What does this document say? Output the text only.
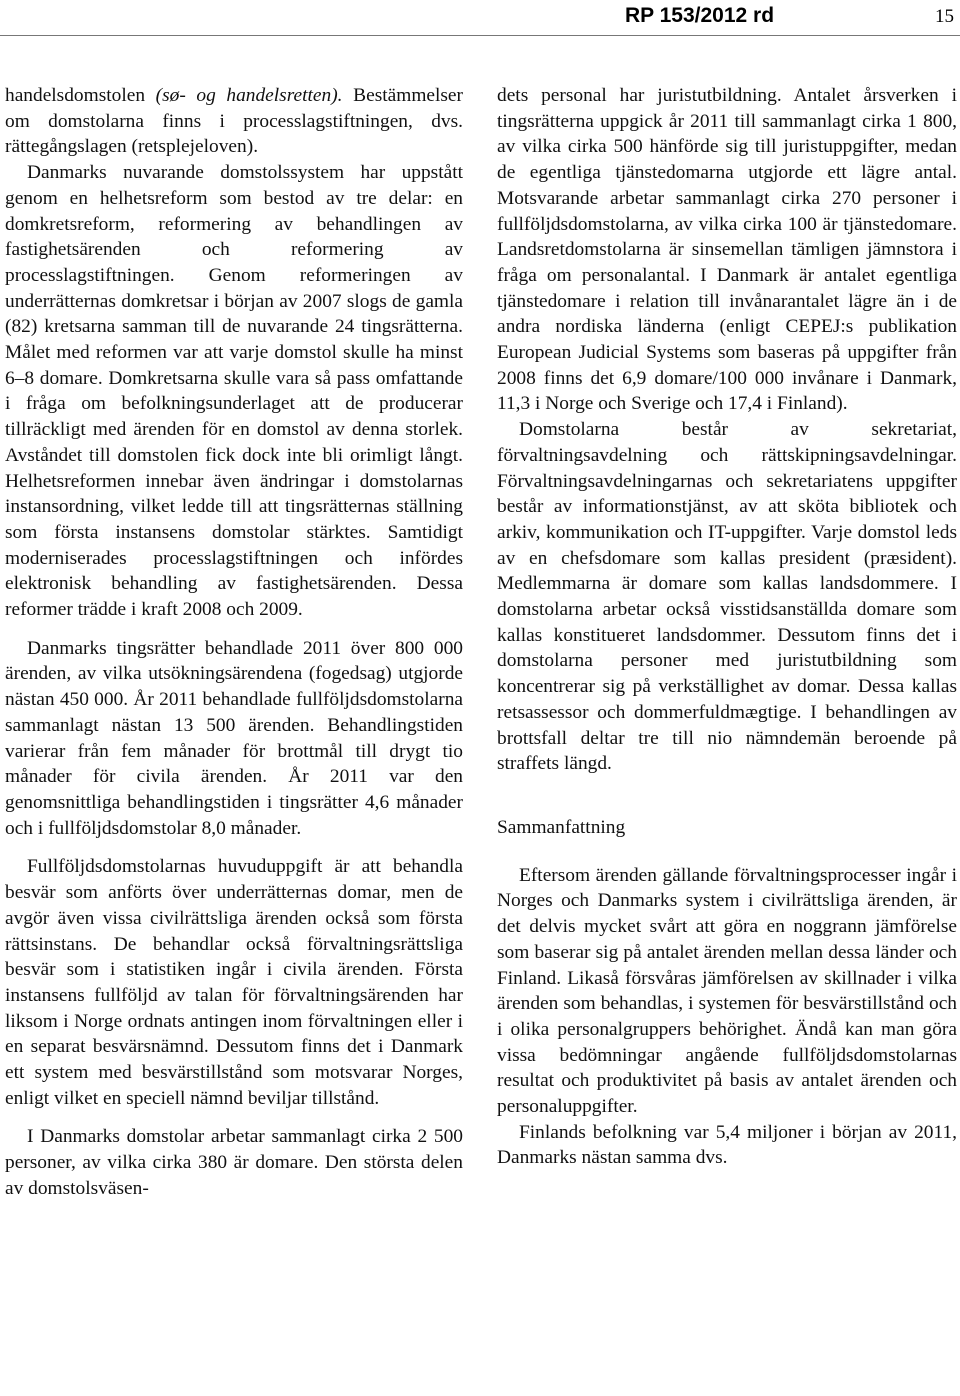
RP 153/2012 rd	15

handelsdomstolen (sø- og handelsretten). Bestämmelser om domstolarna finns i processlagstiftningen, dvs. rättegångslagen (retsplejeloven).

Danmarks nuvarande domstolssystem har uppstått genom en helhetsreform som bestod av tre delar: en domkretsreform, reformering av behandlingen av fastighetsärenden och reformering av processlagstiftningen. Genom reformeringen av underrätternas domkretsar i början av 2007 slogs de gamla (82) kretsarna samman till de nuvarande 24 tingsrätterna. Målet med reformen var att varje domstol skulle ha minst 6–8 domare. Domkretsarna skulle vara så pass omfattande i fråga om befolkningsunderlaget att de producerar tillräckligt med ärenden för en domstol av denna storlek. Avståndet till domstolen fick dock inte bli orimligt långt. Helhetsreformen innebar även ändringar i domstolarnas instansordning, vilket ledde till att tingsrätternas ställning som första instansens domstolar stärktes. Samtidigt moderniserades processlagstiftningen och infördes elektronisk behandling av fastighetsärenden. Dessa reformer trädde i kraft 2008 och 2009.

Danmarks tingsrätter behandlade 2011 över 800 000 ärenden, av vilka utsökningsärendena (fogedsag) utgjorde nästan 450 000. År 2011 behandlade fullföljdsdomstolarna sammanlagt nästan 13 500 ärenden. Behandlingstiden varierar från fem månader för brottmål till drygt tio månader för civila ärenden. År 2011 var den genomsnittliga behandlingstiden i tingsrätter 4,6 månader och i fullföljdsdomstolar 8,0 månader.

Fullföljdsdomstolarnas huvuduppgift är att behandla besvär som anförts över underrätternas domar, men de avgör även vissa civilrättsliga ärenden också som första rättsinstans. De behandlar också förvaltningsrättsliga besvär som i statistiken ingår i civila ärenden. Första instansens fullföljd av talan för förvaltningsärenden har liksom i Norge ordnats antingen inom förvaltningen eller i en separat besvärsnämnd. Dessutom finns det i Danmark ett system med besvärstillstånd som motsvarar Norges, enligt vilket en speciell nämnd beviljar tillstånd.

I Danmarks domstolar arbetar sammanlagt cirka 2 500 personer, av vilka cirka 380 är domare. Den största delen av domstolsväsen-

dets personal har juristutbildning. Antalet årsverken i tingsrätterna uppgick år 2011 till sammanlagt cirka 1 800, av vilka cirka 500 hänförde sig till juristuppgifter, medan de egentliga tjänstedomarna utgjorde ett lägre antal. Motsvarande arbetar sammanlagt cirka 270 personer i fullföljdsdomstolarna, av vilka cirka 100 är tjänstedomare. Landsretdomstolarna är sinsemellan tämligen jämnstora i fråga om personalantal. I Danmark är antalet egentliga tjänstedomare i relation till invånarantalet lägre än i de andra nordiska länderna (enligt CEPEJ:s publikation European Judicial Systems som baseras på uppgifter från 2008 finns det 6,9 domare/100 000 invånare i Danmark, 11,3 i Norge och Sverige och 17,4 i Finland).

Domstolarna består av sekretariat, förvaltningsavdelning och rättskipningsavdelningar. Förvaltningsavdelningarnas och sekretariatens uppgifter består av informationstjänst, av att sköta bibliotek och arkiv, kommunikation och IT-uppgifter. Varje domstol leds av en chefsdomare som kallas president (præsident). Medlemmarna är domare som kallas landsdommere. I domstolarna arbetar också visstidsanställda domare som kallas konstitueret landsdommer. Dessutom finns det i domstolarna personer med juristutbildning som koncentrerar sig på verkställighet av domar. Dessa kallas retsassessor och dommerfuldmægtige. I behandlingen av brottsfall deltar tre till nio nämndemän beroende på straffets längd.

Sammanfattning

Eftersom ärenden gällande förvaltningsprocesser ingår i Norges och Danmarks system i civilrättsliga ärenden, är det delvis mycket svårt att göra en noggrann jämförelse som baserar sig på antalet ärenden mellan dessa länder och Finland. Likaså försvåras jämförelsen av skillnader i vilka ärenden som behandlas, i systemen för besvärstillstånd och i olika personalgruppers behörighet. Ändå kan man göra vissa bedömningar angående fullföljdsdomstolarnas resultat och produktivitet på basis av antalet ärenden och personaluppgifter.

Finlands befolkning var 5,4 miljoner i början av 2011, Danmarks nästan samma dvs.
